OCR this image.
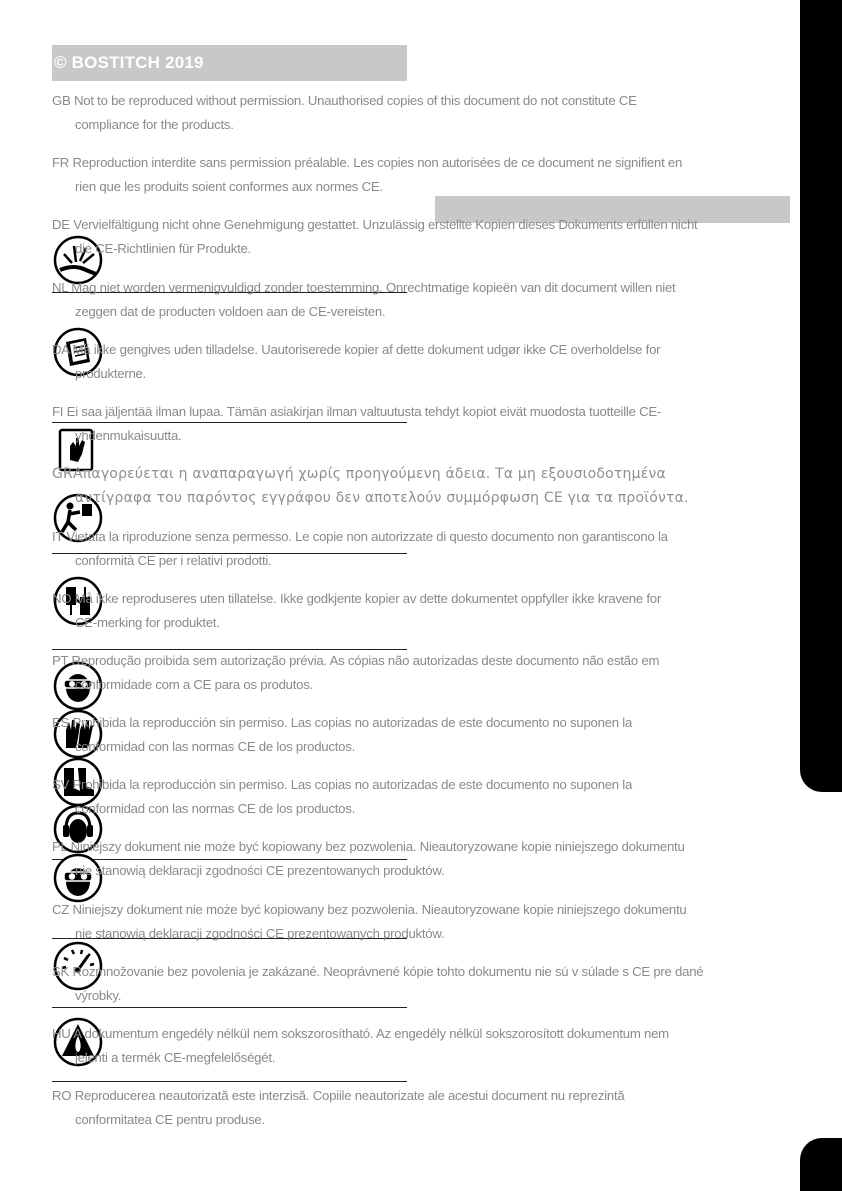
© BOSTITCH 2019
GB Not to be reproduced without permission. Unauthorised copies of this document do not constitute CE
compliance for the products.
FR Reproduction interdite sans permission préalable. Les copies non autorisées de ce document ne signifient en
rien que les produits soient conformes aux normes CE.
DE Vervielfältigung nicht ohne Genehmigung gestattet. Unzulässig erstellte Kopien dieses Dokuments erfüllen nicht
die CE-Richtlinien für Produkte.
NL Mag niet worden vermenigvuldigd zonder toestemming. Onrechtmatige kopieën van dit document willen niet
zeggen dat de producten voldoen aan de CE-vereisten.
DA Må ikke gengives uden tilladelse. Uautoriserede kopier af dette dokument udgør ikke CE overholdelse for
produkterne.
FI Ei saa jäljentää ilman lupaa. Tämän asiakirjan ilman valtuutusta tehdyt kopiot eivät muodosta tuotteille CE-
yhdenmukaisuutta.
GRΑπαγορεύεται η αναπαραγωγή χωρίς προηγούμενη άδεια. Τα μη εξουσιοδοτημένα
αντίγραφα του παρόντος εγγράφου δεν αποτελούν συμμόρφωση CE για τα προϊόντα.
IT Vietata la riproduzione senza permesso. Le copie non autorizzate di questo documento non garantiscono la
conformità CE per i relativi prodotti.
NO Må ikke reproduseres uten tillatelse. Ikke godkjente kopier av dette dokumentet oppfyller ikke kravene for
CE-merking for produktet.
PT Reprodução proibida sem autorização prévia. As cópias não autorizadas deste documento não estão em
conformidade com a CE para os produtos.
ES Prohibida la reproducción sin permiso. Las copias no autorizadas de este documento no suponen la
conformidad con las normas CE de los productos.
SV Prohibida la reproducción sin permiso. Las copias no autorizadas de este documento no suponen la
conformidad con las normas CE de los productos.
PL Niniejszy dokument nie może być kopiowany bez pozwolenia. Nieautoryzowane kopie niniejszego dokumentu
nie stanowią deklaracji zgodności CE prezentowanych produktów.
CZ Niniejszy dokument nie może być kopiowany bez pozwolenia. Nieautoryzowane kopie niniejszego dokumentu
nie stanowią deklaracji zgodności CE prezentowanych produktów.
SK Rozmnožovanie bez povolenia je zakázané. Neoprávnené kópie tohto dokumentu nie sú v súlade s CE pre dané
výrobky.
HU A dokumentum engedély nélkül nem sokszorosítható. Az engedély nélkül sokszorosított dokumentum nem
jelenti a termék CE-megfelelőségét.
RO Reproducerea neautorizată este interzisă. Copiile neautorizate ale acestui document nu reprezintă
conformitatea CE pentru produse.
